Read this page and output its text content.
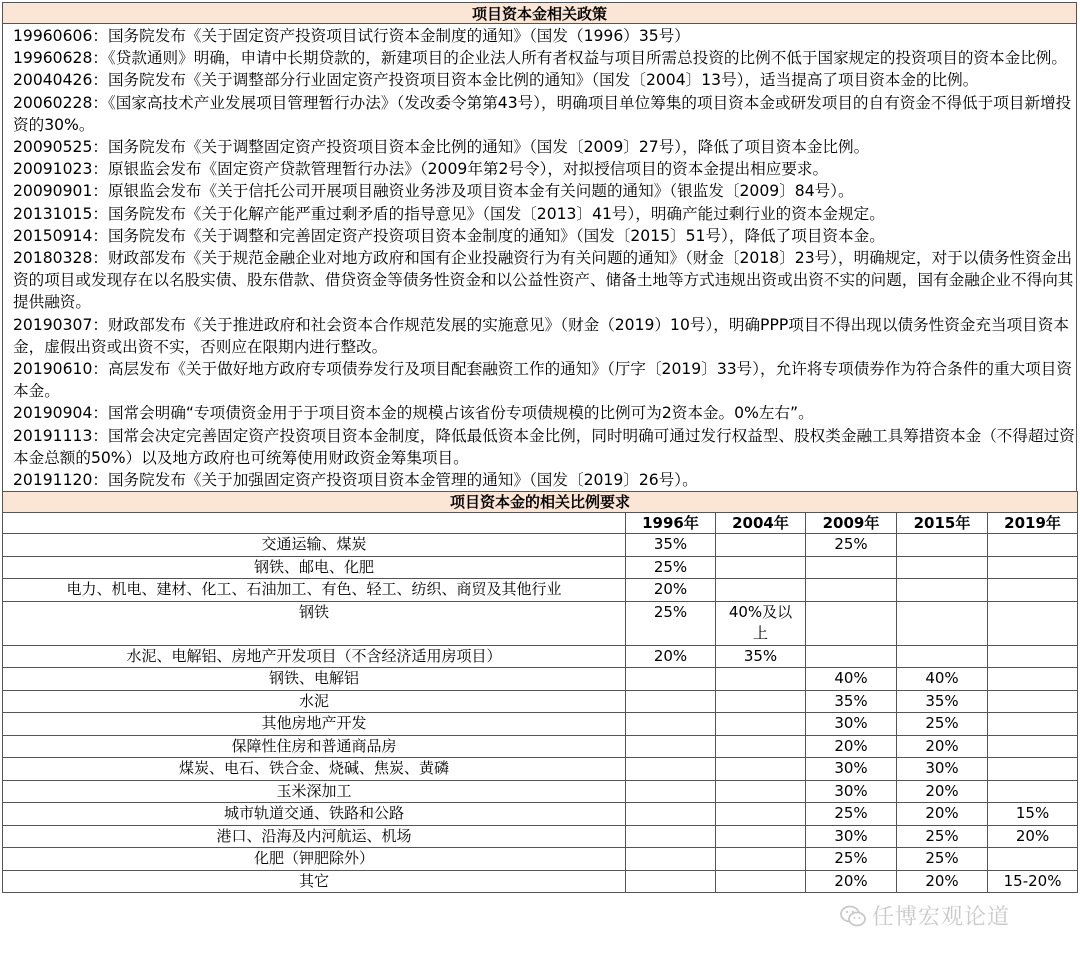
项目资本金相关政策

19960606：国务院发布《关于固定资产投资项目试行资本金制度的通知》（国发（1996）35号）

19960628：《贷款通则》明确，申请中长期贷款的，新建项目的企业法人所有者权益与项目所需总投资的比例不低于国家规定的投资项目的资本金比例。

20040426：国务院发布《关于调整部分行业固定资产投资项目资本金比例的通知》（国发〔2004〕13号），适当提高了项目资本金的比例。

20060228：《国家高技术产业发展项目管理暂行办法》（发改委令第第43号），明确项目单位筹集的项目资本金或研发项目的自有资金不得低于项目新增投资的30%。

20090525：国务院发布《关于调整固定资产投资项目资本金比例的通知》（国发〔2009〕27号），降低了项目资本金比例。

20091023：原银监会发布《固定资产贷款管理暂行办法》（2009年第2号令），对拟授信项目的资本金提出相应要求。

20090901：原银监会发布《关于信托公司开展项目融资业务涉及项目资本金有关问题的通知》（银监发〔2009〕84号）。

20131015：国务院发布《关于化解产能严重过剩矛盾的指导意见》（国发〔2013〕41号），明确产能过剩行业的资本金规定。

20150914：国务院发布《关于调整和完善固定资产投资项目资本金制度的通知》（国发〔2015〕51号），降低了项目资本金。

20180328：财政部发布《关于规范金融企业对地方政府和国有企业投融资行为有关问题的通知》（财金〔2018〕23号），明确规定，对于以债务性资金出资的项目或发现存在以名股实债、股东借款、借贷资金等债务性资金和以公益性资产、储备土地等方式违规出资或出资不实的问题，国有金融企业不得向其提供融资。

20190307：财政部发布《关于推进政府和社会资本合作规范发展的实施意见》（财金（2019）10号），明确PPP项目不得出现以债务性资金充当项目资本金，虚假出资或出资不实，否则应在限期内进行整改。

20190610：高层发布《关于做好地方政府专项债券发行及项目配套融资工作的通知》（厅字〔2019〕33号），允许将专项债券作为符合条件的重大项目资本金。

20190904：国常会明确“专项债资金用于于项目资本金的规模占该省份专项债规模的比例可为2资本金。0%左右”。

20191113：国常会决定完善固定资产投资项目资本金制度，降低最低资本金比例，同时明确可通过发行权益型、股权类金融工具筹措资本金（不得超过资本金总额的50%）以及地方政府也可统筹使用财政资金筹集项目。

20191120：国务院发布《关于加强固定资产投资项目资本金管理的通知》（国发〔2019〕26号）。

项目资本金的相关比例要求					
	1996年	2004年	2009年	2015年	2019年
交通运输、煤炭	35%		25%		
钢铁、邮电、化肥	25%				
电力、机电、建材、化工、石油加工、有色、轻工、纺织、商贸及其他行业	20%				
钢铁	25%	40%及以上			
水泥、电解铝、房地产开发项目（不含经济适用房项目）	20%	35%			
钢铁、电解铝			40%	40%	
水泥			35%	35%	
其他房地产开发			30%	25%	
保障性住房和普通商品房			20%	20%	
煤炭、电石、铁合金、烧碱、焦炭、黄磷			30%	30%	
玉米深加工			30%	20%	
城市轨道交通、铁路和公路			25%	20%	15%
港口、沿海及内河航运、机场			30%	25%	20%
化肥（钾肥除外）			25%	25%	
其它			20%	20%	15-20%
任博宏观论道
